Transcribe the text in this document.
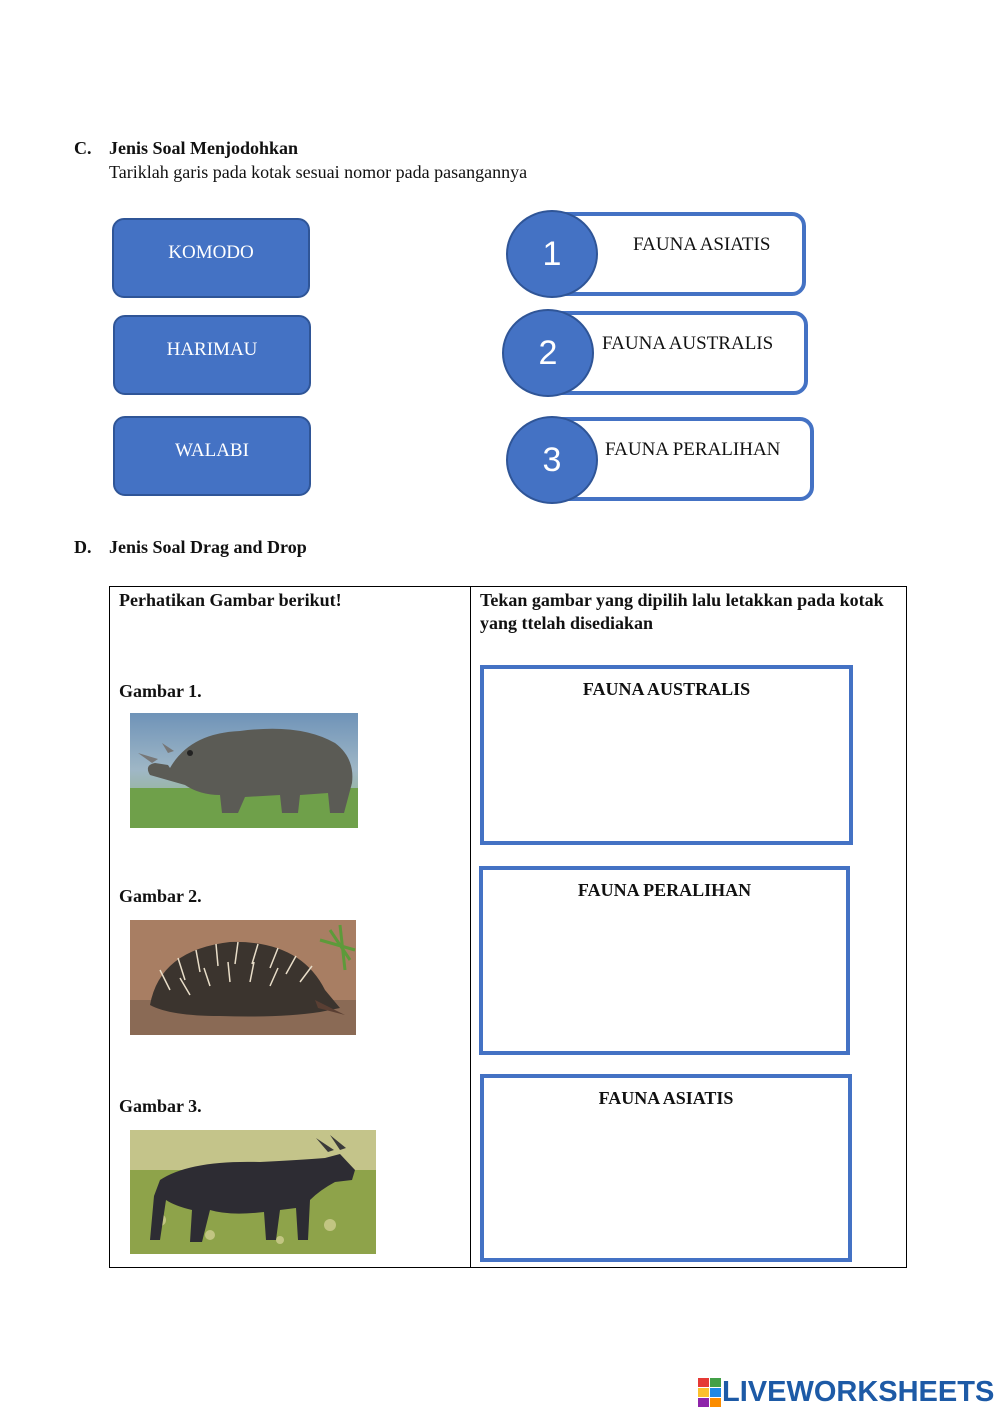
C. Jenis Soal Menjodohkan
Tariklah garis pada kotak sesuai nomor pada pasangannya
KOMODO
HARIMAU
WALABI
1	FAUNA ASIATIS
2	FAUNA AUSTRALIS
3	FAUNA PERALIHAN
D. Jenis Soal Drag and Drop
Perhatikan Gambar berikut!	Tekan gambar yang dipilih lalu letakkan pada kotak yang ttelah disediakan
Gambar 1.
Gambar 2.
Gambar 3.
FAUNA AUSTRALIS
FAUNA PERALIHAN
FAUNA ASIATIS
LIVEWORKSHEETS
